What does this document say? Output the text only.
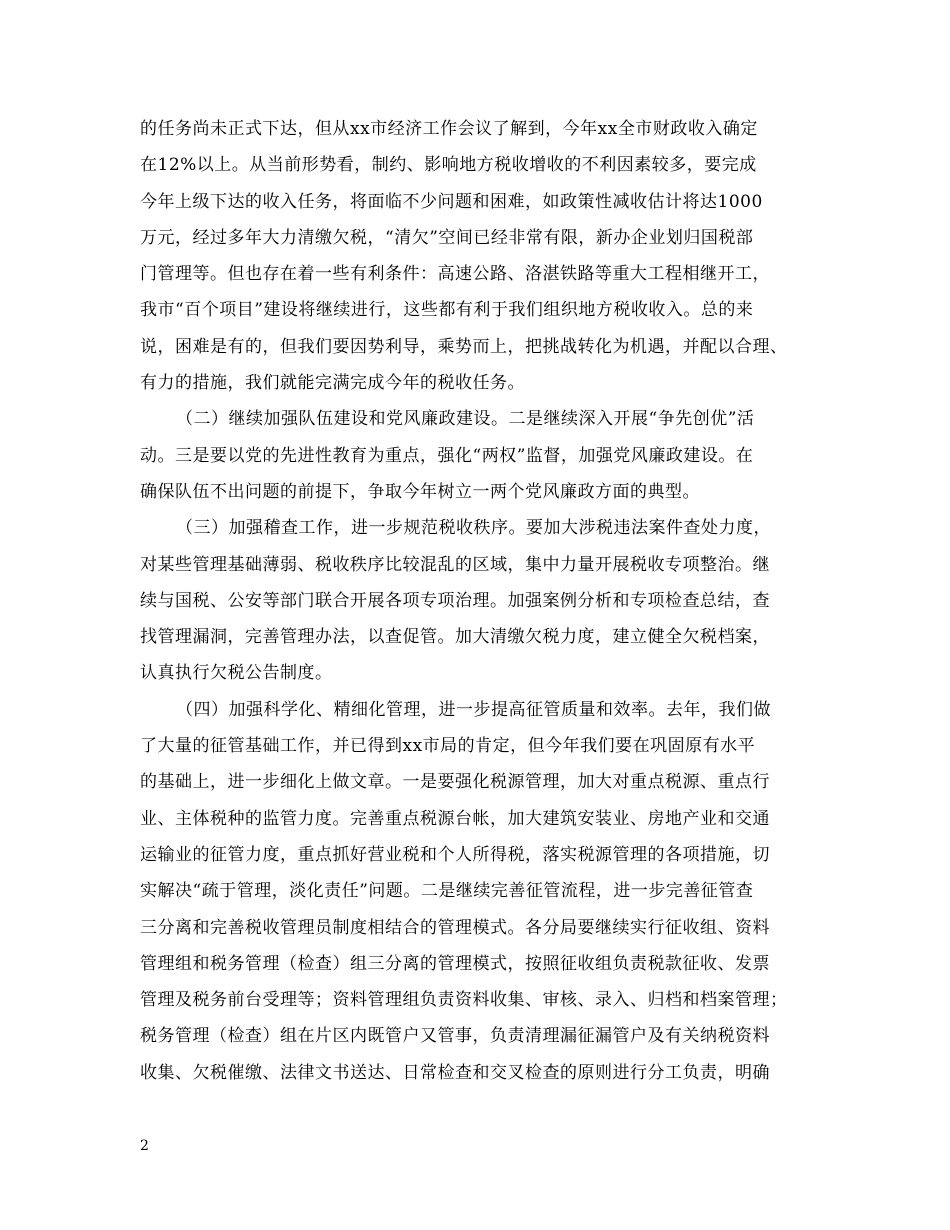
的任务尚未正式下达，但从xx市经济工作会议了解到，今年xx全市财政收入确定
在12%以上。从当前形势看，制约、影响地方税收增收的不利因素较多，要完成
今年上级下达的收入任务，将面临不少问题和困难，如政策性减收估计将达1000
万元，经过多年大力清缴欠税，“清欠”空间已经非常有限，新办企业划归国税部
门管理等。但也存在着一些有利条件：高速公路、洛湛铁路等重大工程相继开工，
我市“百个项目”建设将继续进行，这些都有利于我们组织地方税收收入。总的来
说，困难是有的，但我们要因势利导，乘势而上，把挑战转化为机遇，并配以合理、
有力的措施，我们就能完满完成今年的税收任务。
（二）继续加强队伍建设和党风廉政建设。二是继续深入开展“争先创优”活
动。三是要以党的先进性教育为重点，强化“两权”监督，加强党风廉政建设。在
确保队伍不出问题的前提下，争取今年树立一两个党风廉政方面的典型。
（三）加强稽查工作，进一步规范税收秩序。要加大涉税违法案件查处力度，
对某些管理基础薄弱、税收秩序比较混乱的区域，集中力量开展税收专项整治。继
续与国税、公安等部门联合开展各项专项治理。加强案例分析和专项检查总结，查
找管理漏洞，完善管理办法，以查促管。加大清缴欠税力度，建立健全欠税档案，
认真执行欠税公告制度。
（四）加强科学化、精细化管理，进一步提高征管质量和效率。去年，我们做
了大量的征管基础工作，并已得到xx市局的肯定，但今年我们要在巩固原有水平
的基础上，进一步细化上做文章。一是要强化税源管理，加大对重点税源、重点行
业、主体税种的监管力度。完善重点税源台帐，加大建筑安装业、房地产业和交通
运输业的征管力度，重点抓好营业税和个人所得税，落实税源管理的各项措施，切
实解决“疏于管理，淡化责任”问题。二是继续完善征管流程，进一步完善征管查
三分离和完善税收管理员制度相结合的管理模式。各分局要继续实行征收组、资料
管理组和税务管理（检查）组三分离的管理模式，按照征收组负责税款征收、发票
管理及税务前台受理等；资料管理组负责资料收集、审核、录入、归档和档案管理；
税务管理（检查）组在片区内既管户又管事，负责清理漏征漏管户及有关纳税资料
收集、欠税催缴、法律文书送达、日常检查和交叉检查的原则进行分工负责，明确
2
